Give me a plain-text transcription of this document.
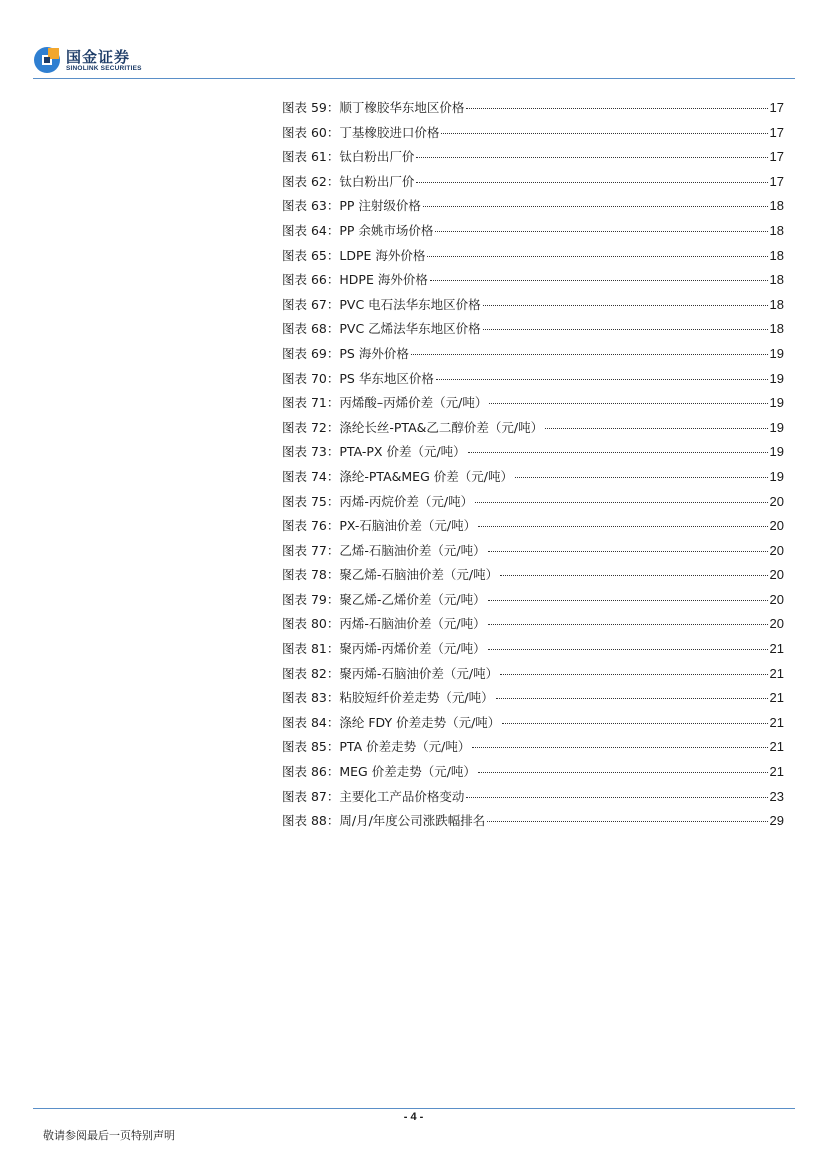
国金证券
SINOLINK SECURITIES
图表 59：顺丁橡胶华东地区价格	17
图表 60：丁基橡胶进口价格	17
图表 61：钛白粉出厂价	17
图表 62：钛白粉出厂价	17
图表 63：PP 注射级价格	18
图表 64：PP 余姚市场价格	18
图表 65：LDPE 海外价格	18
图表 66：HDPE 海外价格	18
图表 67：PVC 电石法华东地区价格	18
图表 68：PVC 乙烯法华东地区价格	18
图表 69：PS 海外价格	19
图表 70：PS 华东地区价格	19
图表 71：丙烯酸–丙烯价差（元/吨）	19
图表 72：涤纶长丝-PTA&乙二醇价差（元/吨）	19
图表 73：PTA-PX 价差（元/吨）	19
图表 74：涤纶-PTA&MEG 价差（元/吨）	19
图表 75：丙烯-丙烷价差（元/吨）	20
图表 76：PX-石脑油价差（元/吨）	20
图表 77：乙烯-石脑油价差（元/吨）	20
图表 78：聚乙烯-石脑油价差（元/吨）	20
图表 79：聚乙烯-乙烯价差（元/吨）	20
图表 80：丙烯-石脑油价差（元/吨）	20
图表 81：聚丙烯-丙烯价差（元/吨）	21
图表 82：聚丙烯-石脑油价差（元/吨）	21
图表 83：粘胶短纤价差走势（元/吨）	21
图表 84：涤纶 FDY 价差走势（元/吨）	21
图表 85：PTA 价差走势（元/吨）	21
图表 86：MEG 价差走势（元/吨）	21
图表 87：主要化工产品价格变动	23
图表 88：周/月/年度公司涨跌幅排名	29
- 4 -
敬请参阅最后一页特别声明
